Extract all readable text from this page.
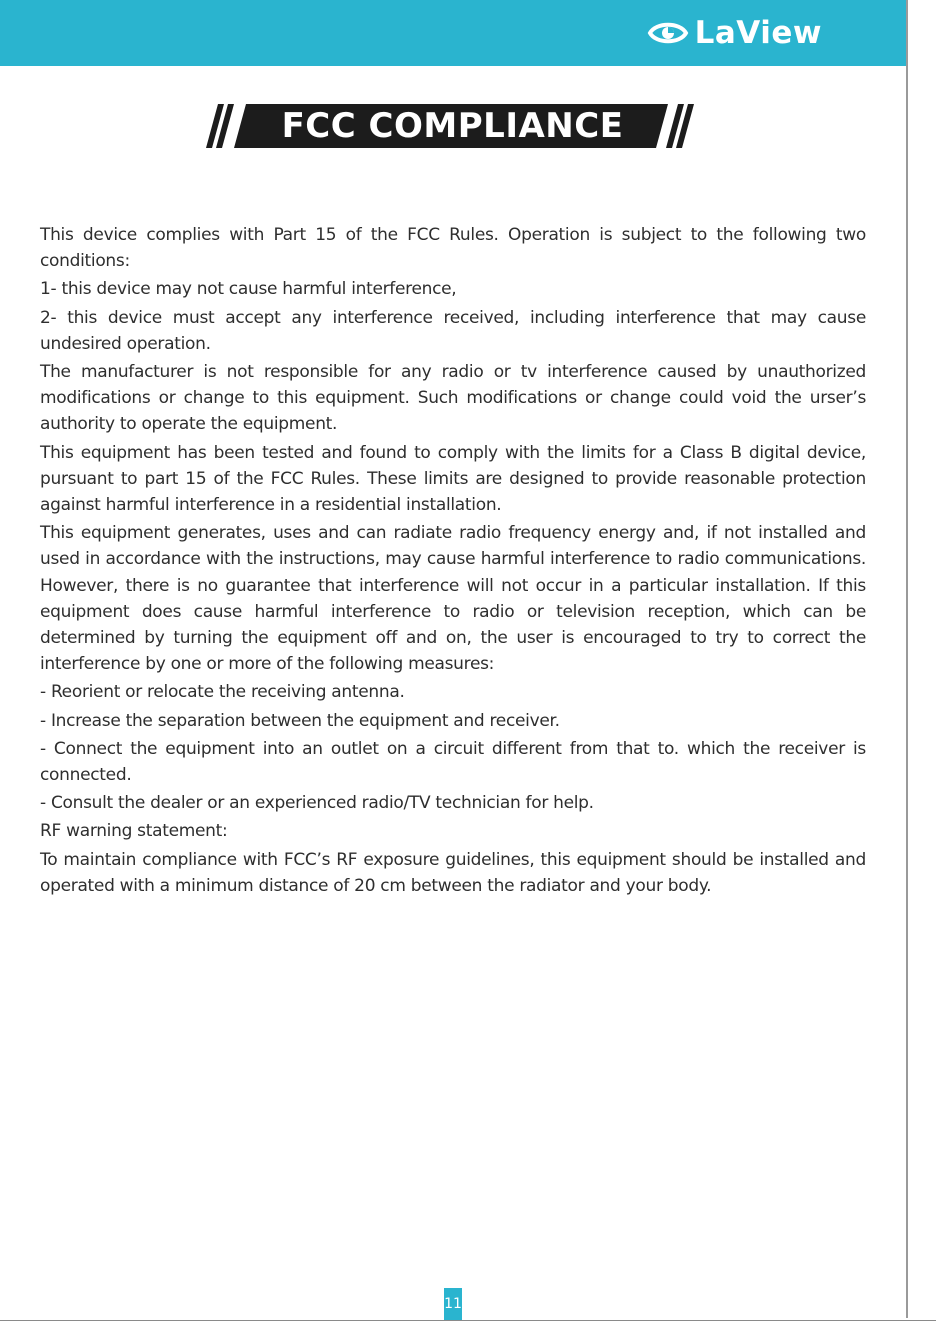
LaView
FCC COMPLIANCE

This device complies with Part 15 of the FCC Rules. Operation is subject to the following two conditions:

1- this device may not cause harmful interference,

2- this device must accept any interference received, including interference that may cause undesired operation.

The manufacturer is not responsible for any radio or tv interference caused by unauthorized modifications or change to this equipment. Such modifications or change could void the urser’s authority to operate the equipment.

This equipment has been tested and found to comply with the limits for a Class B digital device, pursuant to part 15 of the FCC Rules. These limits are designed to provide reasonable protection against harmful interference in a residential installation.

This equipment generates, uses and can radiate radio frequency energy and, if not installed and used in accordance with the instructions, may cause harmful interference to radio communications. However, there is no guarantee that interference will not occur in a particular installation. If this equipment does cause harmful interference to radio or television reception, which can be determined by turning the equipment off and on, the user is encouraged to try to correct the interference by one or more of the following measures:

- Reorient or relocate the receiving antenna.

- Increase the separation between the equipment and receiver.

- Connect the equipment into an outlet on a circuit different from that to. which the receiver is connected.

- Consult the dealer or an experienced radio/TV technician for help.

RF warning statement:

To maintain compliance with FCC’s RF exposure guidelines, this equipment should be installed and operated with a minimum distance of 20 cm between the radiator and your body.

11
